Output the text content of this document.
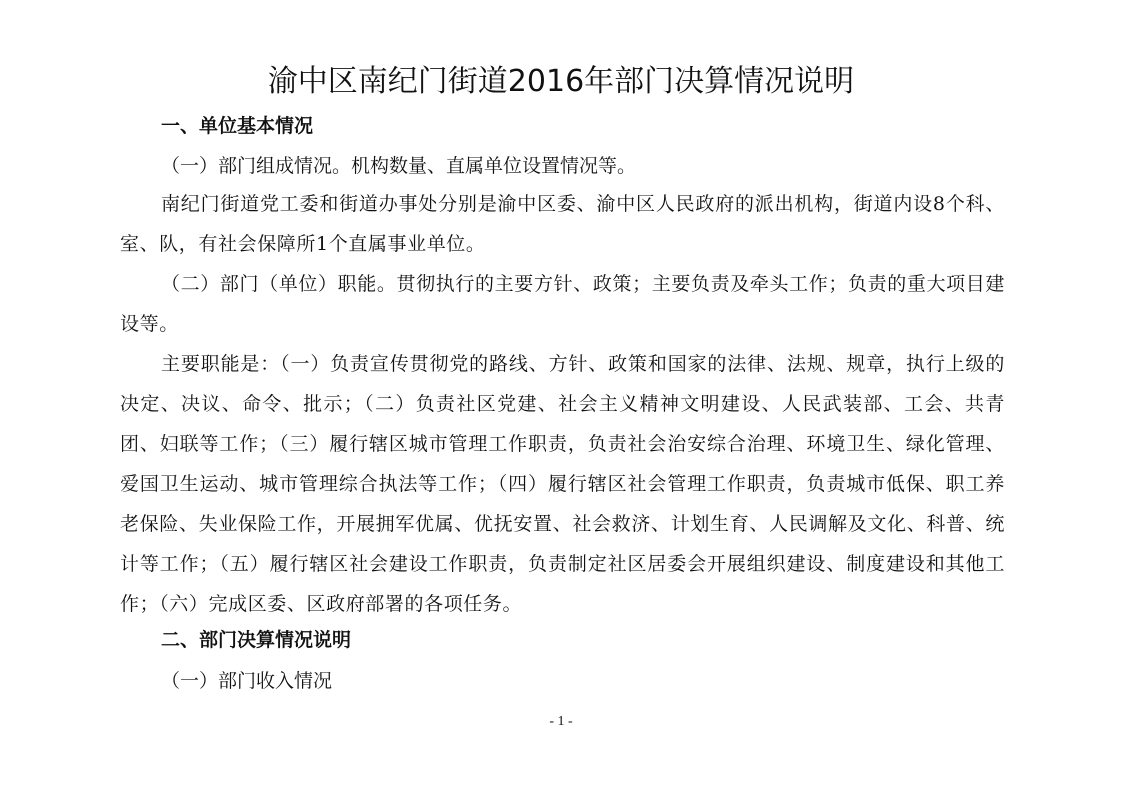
渝中区南纪门街道2016年部门决算情况说明
一、单位基本情况

（一）部门组成情况。机构数量、直属单位设置情况等。

南纪门街道党工委和街道办事处分别是渝中区委、渝中区人民政府的派出机构，街道内设8个科、室、队，有社会保障所1个直属事业单位。

（二）部门（单位）职能。贯彻执行的主要方针、政策；主要负责及牵头工作；负责的重大项目建设等。

主要职能是：（一）负责宣传贯彻党的路线、方针、政策和国家的法律、法规、规章，执行上级的决定、决议、命令、批示；（二）负责社区党建、社会主义精神文明建设、人民武装部、工会、共青团、妇联等工作；（三）履行辖区城市管理工作职责，负责社会治安综合治理、环境卫生、绿化管理、爱国卫生运动、城市管理综合执法等工作；（四）履行辖区社会管理工作职责，负责城市低保、职工养老保险、失业保险工作，开展拥军优属、优抚安置、社会救济、计划生育、人民调解及文化、科普、统计等工作；（五）履行辖区社会建设工作职责，负责制定社区居委会开展组织建设、制度建设和其他工作；（六）完成区委、区政府部署的各项任务。

二、部门决算情况说明

（一）部门收入情况

- 1 -
